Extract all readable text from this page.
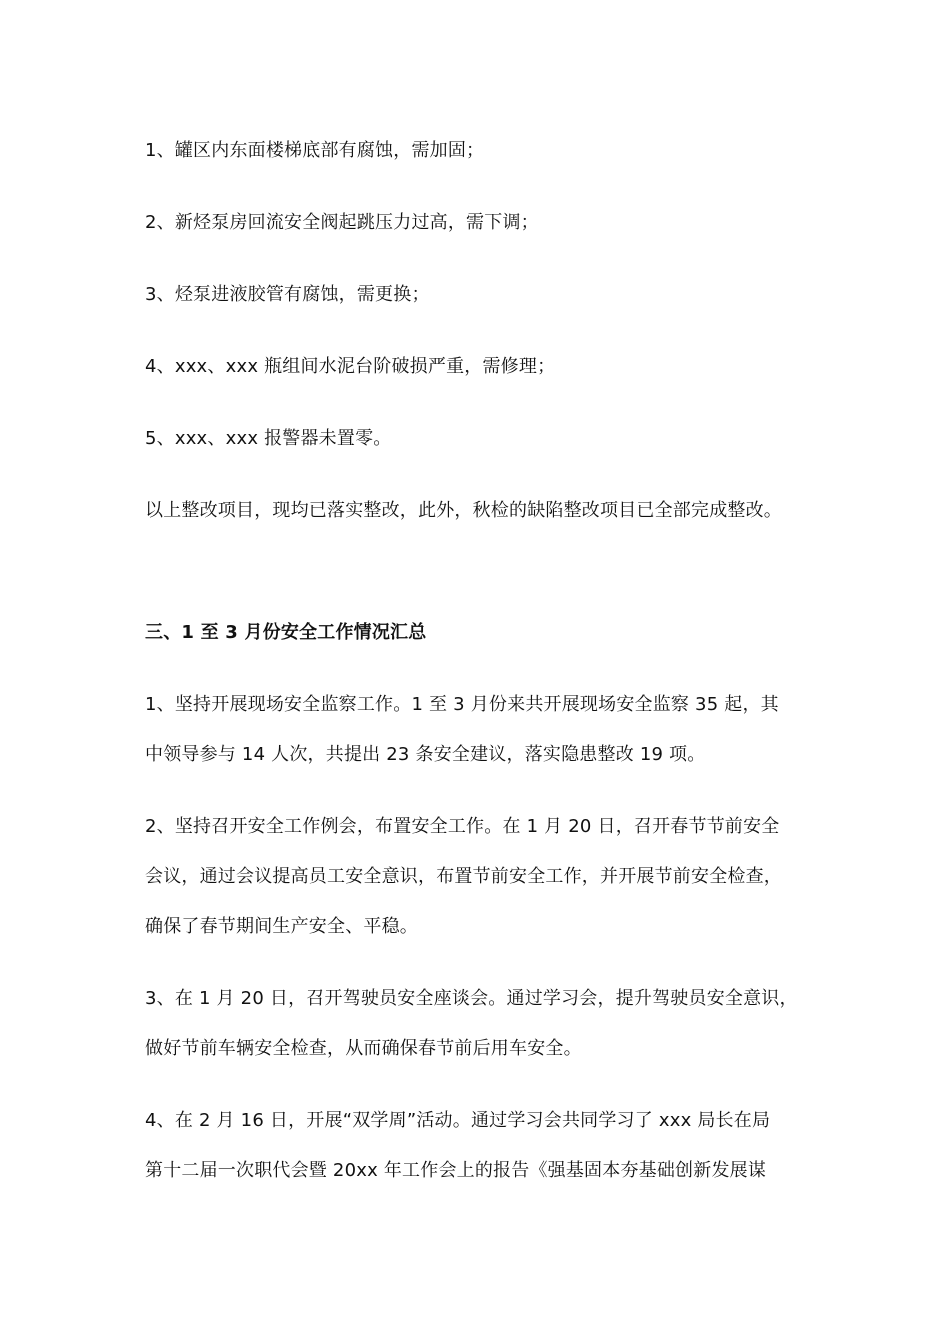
1、罐区内东面楼梯底部有腐蚀，需加固；
2、新烃泵房回流安全阀起跳压力过高，需下调；
3、烃泵进液胶管有腐蚀，需更换；
4、xxx、xxx 瓶组间水泥台阶破损严重，需修理；
5、xxx、xxx 报警器未置零。
以上整改项目，现均已落实整改，此外，秋检的缺陷整改项目已全部完成整改。
三、1 至 3 月份安全工作情况汇总
1、坚持开展现场安全监察工作。1 至 3 月份来共开展现场安全监察 35 起，其
中领导参与 14 人次，共提出 23 条安全建议，落实隐患整改 19 项。
2、坚持召开安全工作例会，布置安全工作。在 1 月 20 日，召开春节节前安全
会议，通过会议提高员工安全意识，布置节前安全工作，并开展节前安全检查，
确保了春节期间生产安全、平稳。
3、在 1 月 20 日，召开驾驶员安全座谈会。通过学习会，提升驾驶员安全意识，
做好节前车辆安全检查，从而确保春节前后用车安全。
4、在 2 月 16 日，开展“双学周”活动。通过学习会共同学习了 xxx 局长在局
第十二届一次职代会暨 20xx 年工作会上的报告《强基固本夯基础创新发展谋
